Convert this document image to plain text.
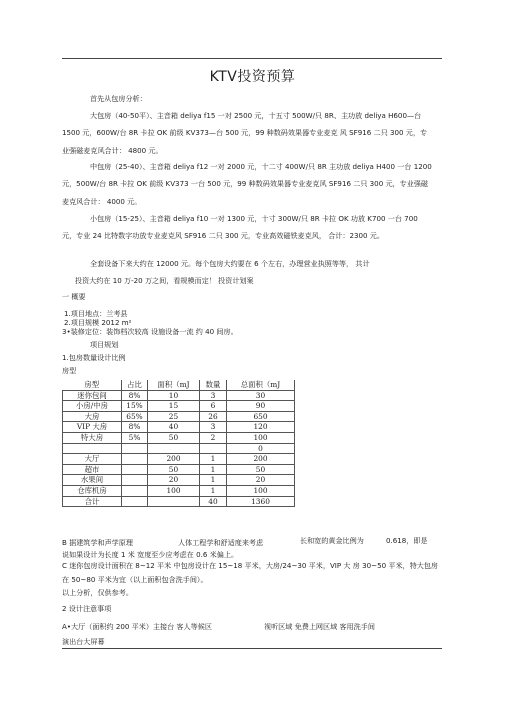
KTV投资预算
首先从包房分析：

大包房（40-50平）、主音箱 deliya f15 一对 2500 元，十五寸 500W/只 8R、主功放 deliya H600—台 1500 元，600W/台 8R 卡拉 OK 前级 KV373—台 500 元，99 种数码效果器专业麦克 风 SF916 二只 300 元，专业强磁麦克风合计： 4800 元。

中包房（25-40）、主音箱 deliya f12 一对 2000 元，十二寸 400W/只 8R 主功放 deliya H400 一台 1200 元，500W/台 8R 卡拉 OK 前级 KV373 一台 500 元，99 种数码效果器专业麦克风 SF916 二只 300 元，专业强磁麦克风合计： 4000 元。

小包房（15-25）、主音箱 deliya f10 一对 1300 元，十寸 300W/只 8R 卡拉 OK 功放 K700 一台 700 元，专业 24 比特数字功放专业麦克风 SF916 二只 300 元，专业高效磁铁麦克风， 合计：2300 元。

全套设备下来大约在 12000 元。每个包房大约要在 6 个左右，办理营业执照等等， 共计
投资大约在 10 万-20 万之间，看规模而定！ 投资计划案
一 概要
1.项目地点：兰考县
2.项目规模 2012 m²
3•装修定位：装饰档次较高 设施设备一流 约 40 间房。
项目规划
1.包房数量设计比例
房型
房型	占比	面积（mJ	数量	总面积（mJ
迷你包间	8%	10	3	30
小房/中房	15%	15	6	90
大房	65%	25	26	650
VIP 大房	8%	40	3	120
特大房	5%	50	2	100
				0
大厅		200	1	200
超市		50	1	50
水果间		20	1	20
仓库机房		100	1	100
合计			40	1360
B 据建筑学和声学原理	人体工程学和舒适度来考虑	长和宽的黄金比例为	0.618，即是
说如果设计为长度 1 米 宽度至少应考虑在 0.6 米偏上。

C 迷你包房设计面积在 8~12 平米 中包房设计在 15~18 平米，大房/24~30 平米，VIP 大 房 30~50 平米，特大包房在 50~80 平米为宜（以上面积包含洗手间）。

以上分析，仅供参考。
2 设计注意事项
A•大厅（面积约 200 平米）主接台 客人等候区	视听区域 免费上网区域 客用洗手间
演出台大屏幕
